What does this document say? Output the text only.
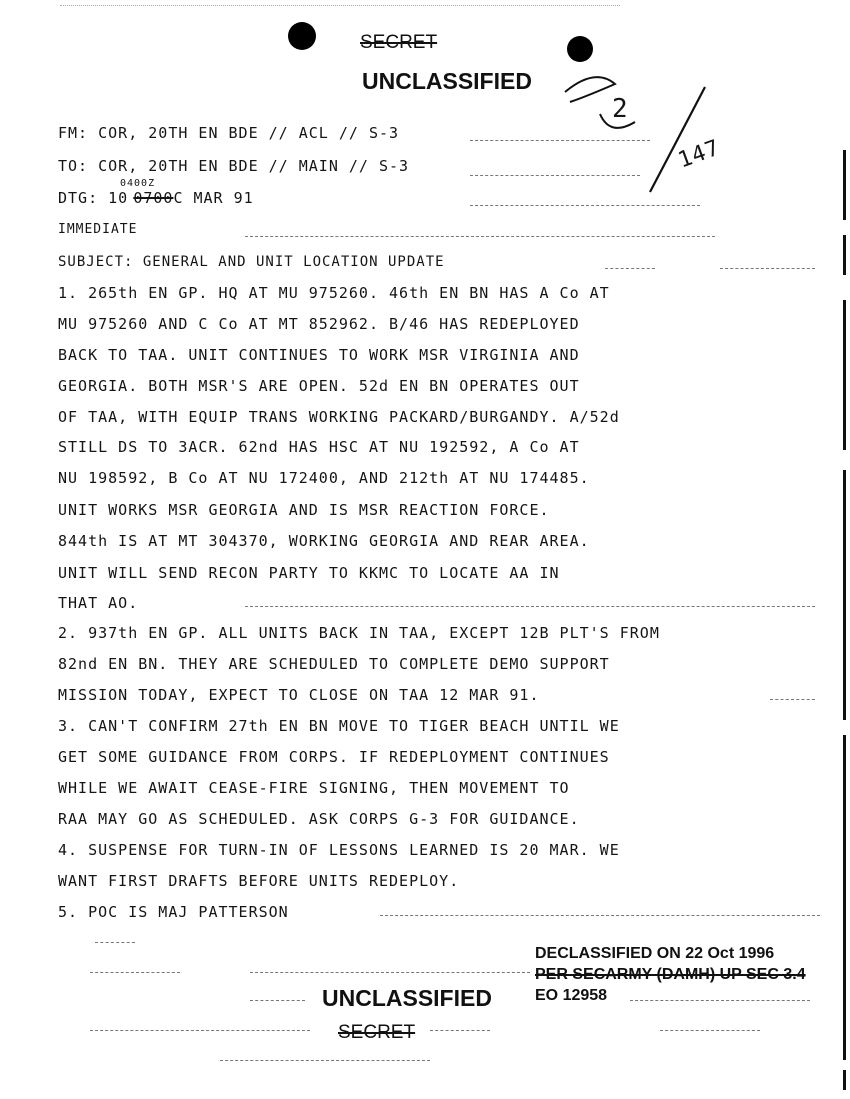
SECRET
UNCLASSIFIED
2
147
FM: COR, 20TH EN BDE // ACL // S-3
TO: COR, 20TH EN BDE // MAIN // S-3
DTG: 10 0700C MAR 91
0400Z
IMMEDIATE
SUBJECT: GENERAL AND UNIT LOCATION UPDATE
1. 265th EN GP. HQ AT MU 975260. 46th EN BN HAS A Co AT
MU 975260 AND C Co AT MT 852962. B/46 HAS REDEPLOYED
BACK TO TAA. UNIT CONTINUES TO WORK MSR VIRGINIA AND
GEORGIA. BOTH MSR'S ARE OPEN. 52d EN BN OPERATES OUT
OF TAA, WITH EQUIP TRANS WORKING PACKARD/BURGANDY. A/52d
STILL DS TO 3ACR. 62nd HAS HSC AT NU 192592, A Co AT
NU 198592, B Co AT NU 172400, AND 212th AT NU 174485.
UNIT WORKS MSR GEORGIA AND IS MSR REACTION FORCE.
844th IS AT MT 304370, WORKING GEORGIA AND REAR AREA.
UNIT WILL SEND RECON PARTY TO KKMC TO LOCATE AA IN
THAT AO.
2. 937th EN GP. ALL UNITS BACK IN TAA, EXCEPT 12B PLT'S FROM
82nd EN BN. THEY ARE SCHEDULED TO COMPLETE DEMO SUPPORT
MISSION TODAY, EXPECT TO CLOSE ON TAA 12 MAR 91.
3. CAN'T CONFIRM 27th EN BN MOVE TO TIGER BEACH UNTIL WE
GET SOME GUIDANCE FROM CORPS. IF REDEPLOYMENT CONTINUES
WHILE WE AWAIT CEASE-FIRE SIGNING, THEN MOVEMENT TO
RAA MAY GO AS SCHEDULED. ASK CORPS G-3 FOR GUIDANCE.
4. SUSPENSE FOR TURN-IN OF LESSONS LEARNED IS 20 MAR. WE
WANT FIRST DRAFTS BEFORE UNITS REDEPLOY.
5. POC IS MAJ PATTERSON
DECLASSIFIED ON 22 Oct 1996
PER SECARMY (DAMH) UP SEC 3.4
EO 12958
UNCLASSIFIED
SECRET
